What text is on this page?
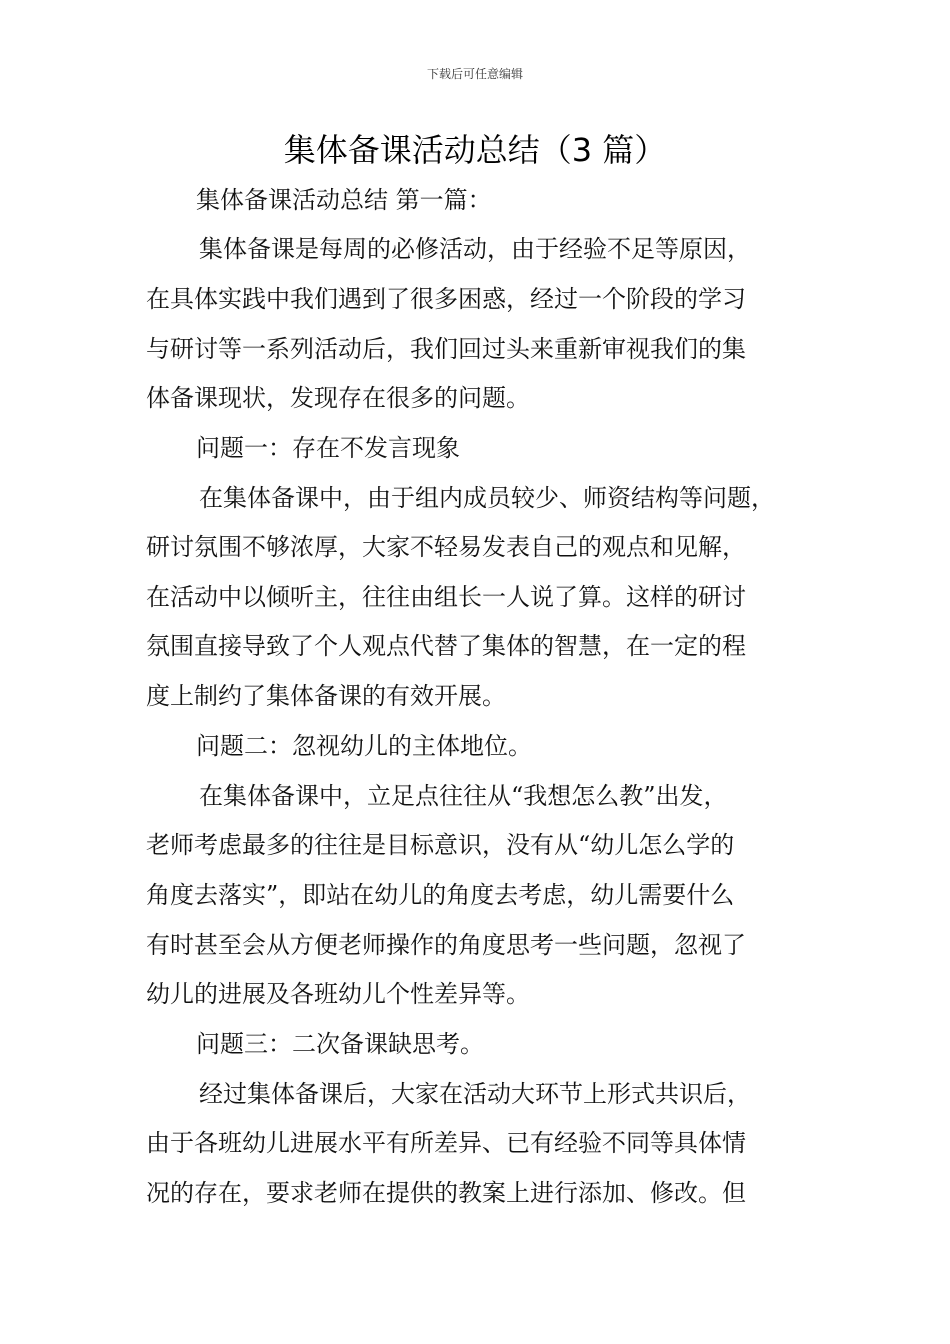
下载后可任意编辑
集体备课活动总结（3 篇）
集体备课活动总结 第一篇：
集体备课是每周的必修活动，由于经验不足等原因，
在具体实践中我们遇到了很多困惑，经过一个阶段的学习
与研讨等一系列活动后，我们回过头来重新审视我们的集
体备课现状，发现存在很多的问题。
问题一：存在不发言现象
在集体备课中，由于组内成员较少、师资结构等问题，
研讨氛围不够浓厚，大家不轻易发表自己的观点和见解，
在活动中以倾听主，往往由组长一人说了算。这样的研讨
氛围直接导致了个人观点代替了集体的智慧，在一定的程
度上制约了集体备课的有效开展。
问题二：忽视幼儿的主体地位。
在集体备课中，立足点往往从“我想怎么教”出发，
老师考虑最多的往往是目标意识，没有从“幼儿怎么学的
角度去落实”，即站在幼儿的角度去考虑，幼儿需要什么
有时甚至会从方便老师操作的角度思考一些问题，忽视了
幼儿的进展及各班幼儿个性差异等。
问题三：二次备课缺思考。
经过集体备课后，大家在活动大环节上形式共识后，
由于各班幼儿进展水平有所差异、已有经验不同等具体情
况的存在，要求老师在提供的教案上进行添加、修改。但
